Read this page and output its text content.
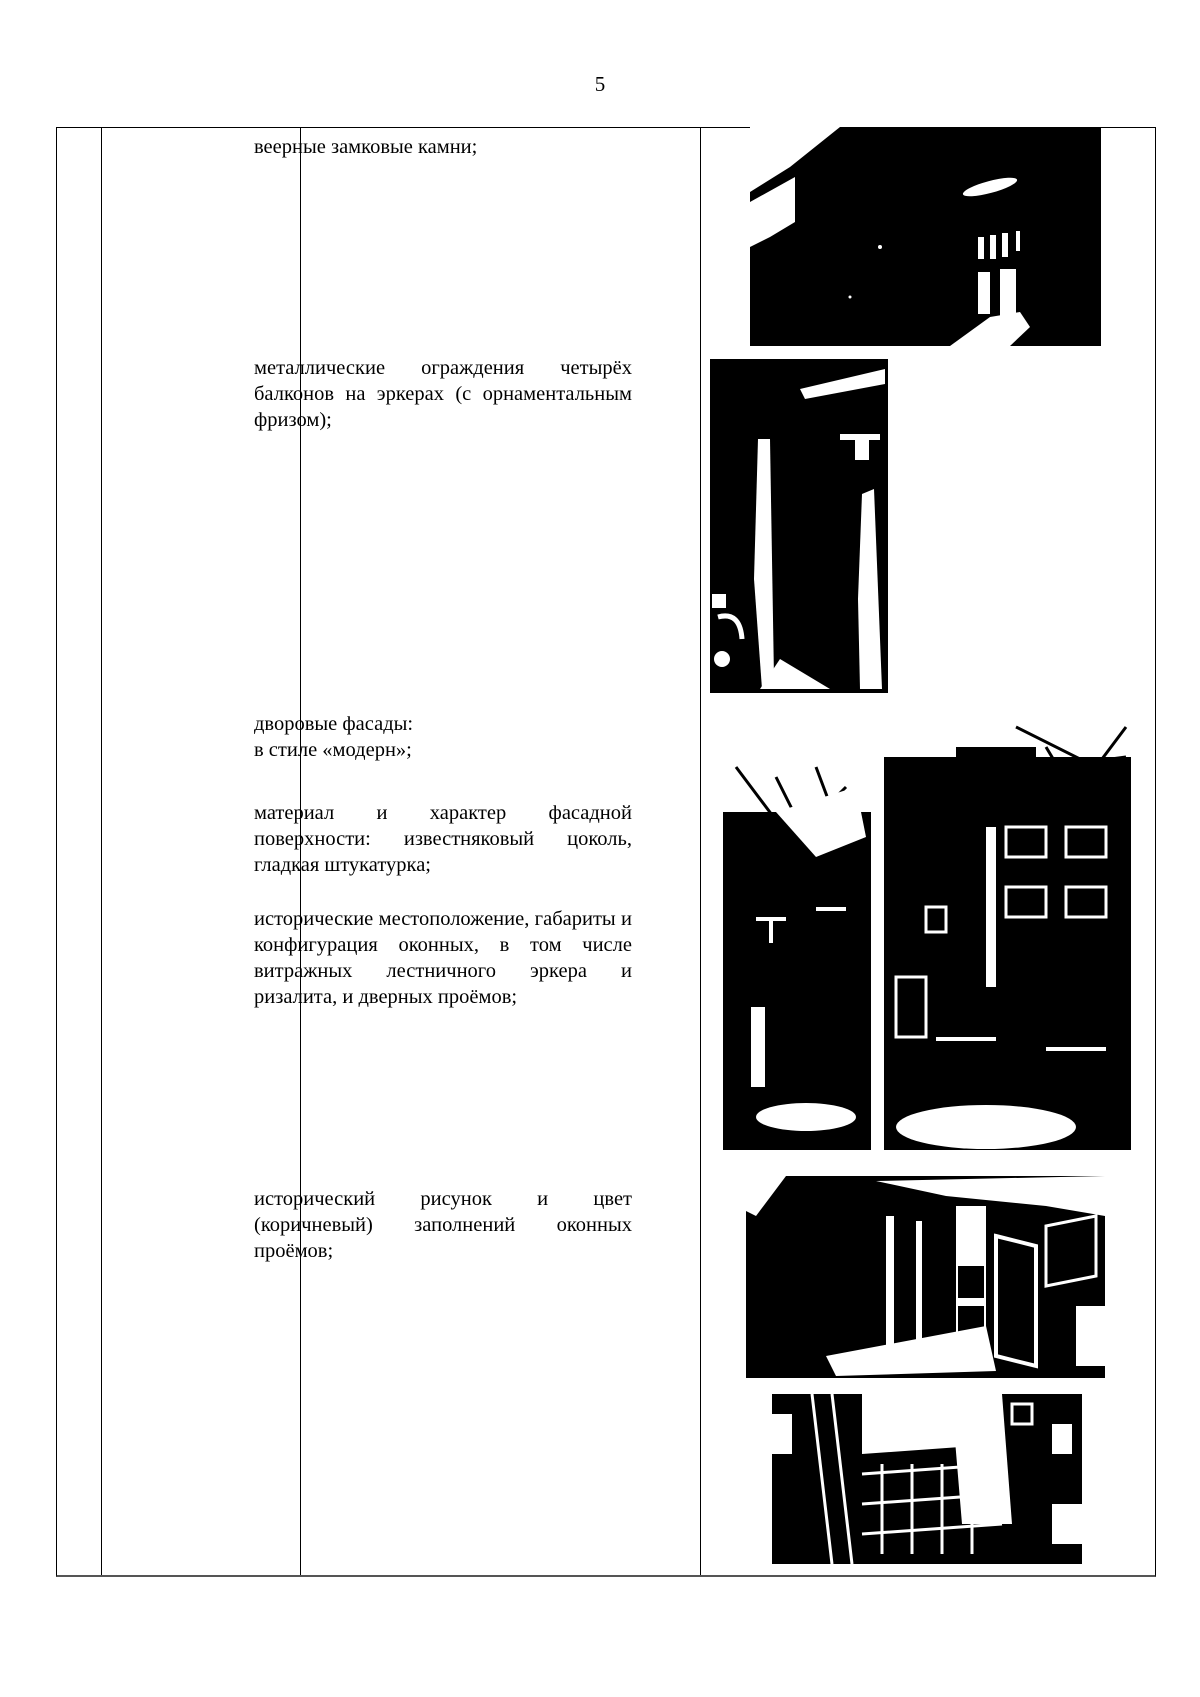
5
веерные замковые камни;
металлические ограждения четырёх балконов на эркерах (с орнаментальным фризом);
дворовые фасады:
в стиле «модерн»;
материал и характер фасадной поверхности: известняковый цоколь, гладкая штукатурка;
исторические местоположение, габариты и конфигурация оконных, в том числе витражных лестничного эркера и ризалита, и дверных проёмов;
исторический рисунок и цвет (коричневый) заполнений оконных проёмов;
